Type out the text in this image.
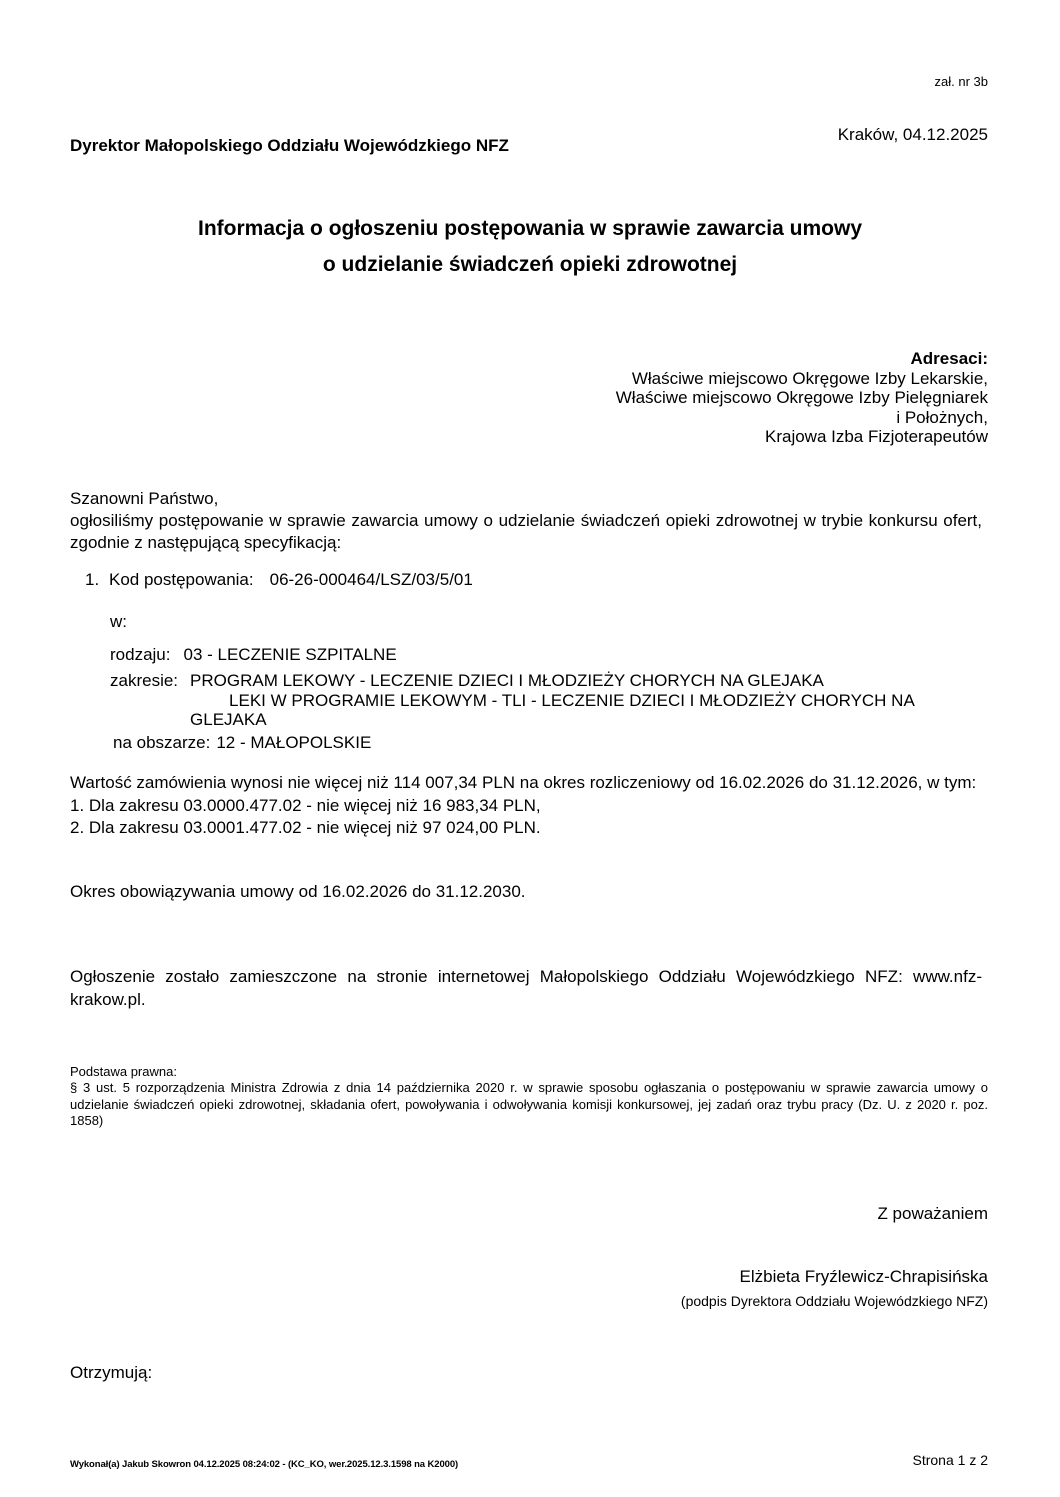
zał. nr 3b
Kraków, 04.12.2025
Dyrektor Małopolskiego Oddziału Wojewódzkiego NFZ
Informacja o ogłoszeniu postępowania w sprawie zawarcia umowy
o udzielanie świadczeń opieki zdrowotnej
Adresaci:
Właściwe miejscowo Okręgowe Izby Lekarskie,
Właściwe miejscowo Okręgowe Izby Pielęgniarek
i Położnych,
Krajowa Izba Fizjoterapeutów
Szanowni Państwo,

ogłosiliśmy postępowanie w sprawie zawarcia umowy o udzielanie świadczeń opieki zdrowotnej w trybie konkursu ofert, zgodnie z następującą specyfikacją:

1. Kod postępowania: 06-26-000464/LSZ/03/5/01
w:
rodzaju: 03 - LECZENIE SZPITALNE
zakresie: PROGRAM LEKOWY - LECZENIE DZIECI I MŁODZIEŻY CHORYCH NA GLEJAKA
LEKI W PROGRAMIE LEKOWYM - TLI - LECZENIE DZIECI I MŁODZIEŻY CHORYCH NA
GLEJAKA
na obszarze: 12 - MAŁOPOLSKIE

Wartość zamówienia wynosi nie więcej niż 114 007,34 PLN na okres rozliczeniowy od 16.02.2026 do 31.12.2026, w tym:

1. Dla zakresu 03.0000.477.02 - nie więcej niż 16 983,34 PLN,
2. Dla zakresu 03.0001.477.02 - nie więcej niż 97 024,00 PLN.
Okres obowiązywania umowy od 16.02.2026 do 31.12.2030.
Ogłoszenie zostało zamieszczone na stronie internetowej Małopolskiego Oddziału Wojewódzkiego NFZ: www.nfz-krakow.pl.
Podstawa prawna:

§ 3 ust. 5 rozporządzenia Ministra Zdrowia z dnia 14 października 2020 r. w sprawie sposobu ogłaszania o postępowaniu w sprawie zawarcia umowy o udzielanie świadczeń opieki zdrowotnej, składania ofert, powoływania i odwoływania komisji konkursowej, jej zadań oraz trybu pracy (Dz. U. z 2020 r. poz. 1858)

Z poważaniem
Elżbieta Fryźlewicz-Chrapisińska
(podpis Dyrektora Oddziału Wojewódzkiego NFZ)
Otrzymują:
Wykonał(a) Jakub Skowron 04.12.2025 08:24:02 - (KC_KO, wer.2025.12.3.1598 na K2000)	Strona 1 z 2
